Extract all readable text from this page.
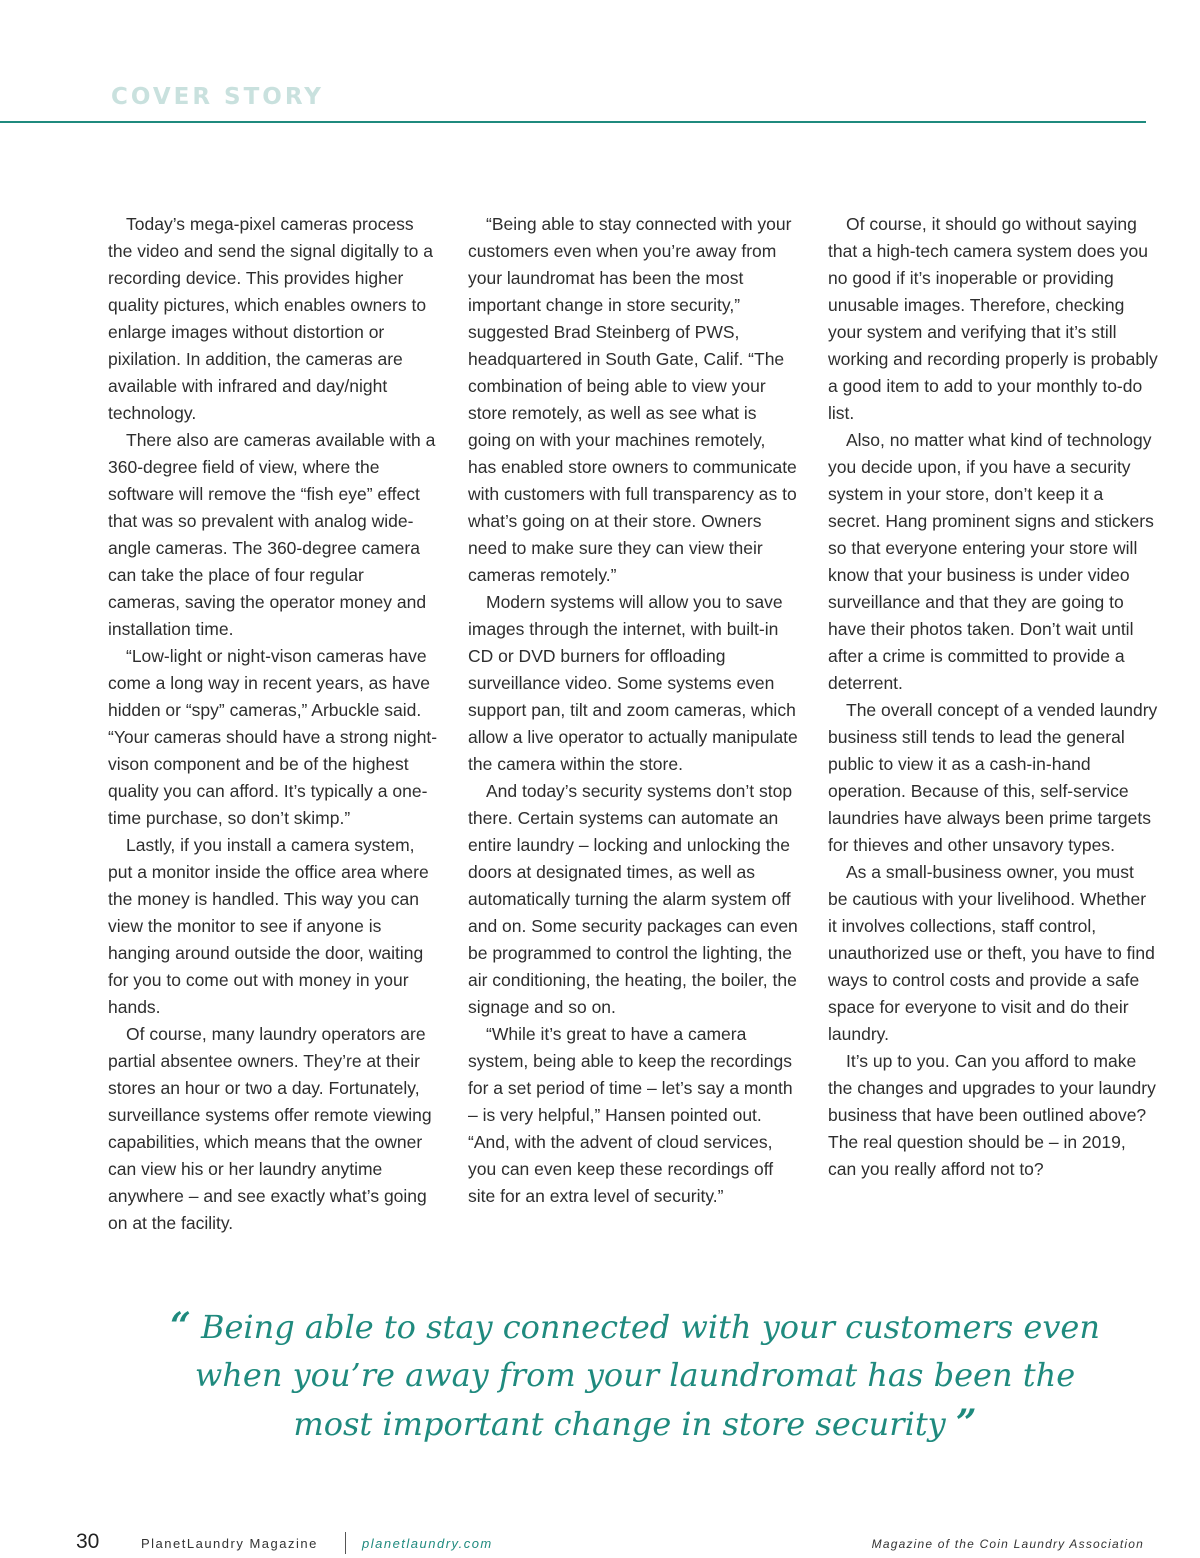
COVER STORY

Today’s mega-pixel cameras process the video and send the signal digitally to a recording device. This provides higher quality pictures, which enables owners to enlarge images without distortion or pixilation. In addition, the cameras are available with infrared and day/night technology.

There also are cameras available with a 360-degree field of view, where the software will remove the “fish eye” effect that was so prevalent with analog wide-angle cameras. The 360-degree camera can take the place of four regular cameras, saving the operator money and installation time.

“Low-light or night-vison cameras have come a long way in recent years, as have hidden or “spy” cameras,” Arbuckle said. “Your cameras should have a strong night-vison component and be of the highest quality you can afford. It’s typically a one-time purchase, so don’t skimp.”

Lastly, if you install a camera system, put a monitor inside the office area where the money is handled. This way you can view the monitor to see if anyone is hanging around outside the door, waiting for you to come out with money in your hands.

Of course, many laundry operators are partial absentee owners. They’re at their stores an hour or two a day. Fortunately, surveillance systems offer remote viewing capabilities, which means that the owner can view his or her laundry anytime anywhere – and see exactly what’s going on at the facility.

“Being able to stay connected with your customers even when you’re away from your laundromat has been the most important change in store security,” suggested Brad Steinberg of PWS, headquartered in South Gate, Calif. “The combination of being able to view your store remotely, as well as see what is going on with your machines remotely, has enabled store owners to communicate with customers with full transparency as to what’s going on at their store. Owners need to make sure they can view their cameras remotely.”

Modern systems will allow you to save images through the internet, with built-in CD or DVD burners for offloading surveillance video. Some systems even support pan, tilt and zoom cameras, which allow a live operator to actually manipulate the camera within the store.

And today’s security systems don’t stop there. Certain systems can automate an entire laundry – locking and unlocking the doors at designated times, as well as automatically turning the alarm system off and on. Some security packages can even be programmed to control the lighting, the air conditioning, the heating, the boiler, the signage and so on.

“While it’s great to have a camera system, being able to keep the recordings for a set period of time – let’s say a month – is very helpful,” Hansen pointed out. “And, with the advent of cloud services, you can even keep these recordings off site for an extra level of security.”

Of course, it should go without saying that a high-tech camera system does you no good if it’s inoperable or providing unusable images. Therefore, checking your system and verifying that it’s still working and recording properly is probably a good item to add to your monthly to-do list.

Also, no matter what kind of technology you decide upon, if you have a security system in your store, don’t keep it a secret. Hang prominent signs and stickers so that everyone entering your store will know that your business is under video surveillance and that they are going to have their photos taken. Don’t wait until after a crime is committed to provide a deterrent.

The overall concept of a vended laundry business still tends to lead the general public to view it as a cash-in-hand operation. Because of this, self-service laundries have always been prime targets for thieves and other unsavory types.

As a small-business owner, you must be cautious with your livelihood. Whether it involves collections, staff control, unauthorized use or theft, you have to find ways to control costs and provide a safe space for everyone to visit and do their laundry.

It’s up to you. Can you afford to make the changes and upgrades to your laundry business that have been outlined above? The real question should be – in 2019, can you really afford not to?

“ Being able to stay connected with your customers even when you’re away from your laundromat has been the most important change in store security ”
30	PlanetLaundry Magazine	planetlaundry.com	Magazine of the Coin Laundry Association
